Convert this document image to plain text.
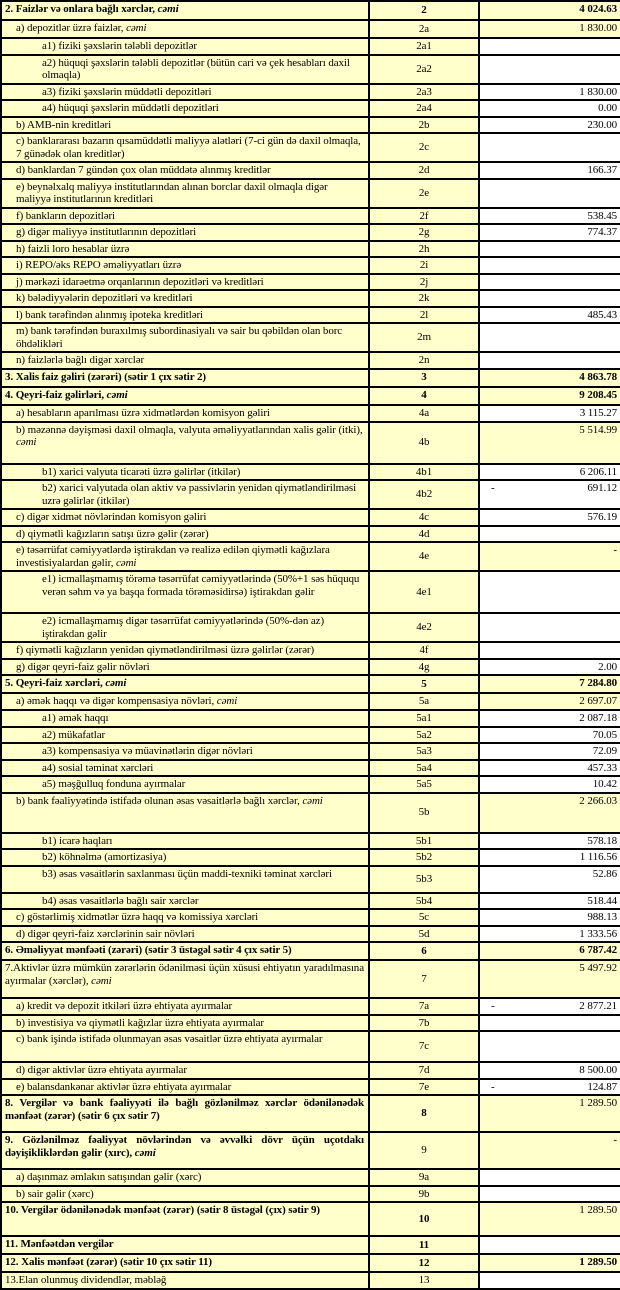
2. Faizlər və onlara bağlı xərclər, cəmi	2	4 024.63

a) depozitlər üzrə faizlər, cəmi	2a	1 830.00

a1) fiziki şəxslərin tələbli depozitlər	2a1	

a2) hüquqi şəxslərin tələbli depozitlər (bütün cari və çek hesabları daxil olmaqla)	2a2	

a3) fiziki şəxslərin müddətli depozitləri	2a3	1 830.00

a4) hüquqi şəxslərin müddətli depozitləri	2a4	0.00

b) AMB-nin kreditləri	2b	230.00

c) banklararası bazarın qısamüddətli maliyyə alətləri (7-ci gün də daxil olmaqla, 7 günədək olan kreditlər)	2c	

d) banklardan 7 gündən çox olan müddətə alınmış kreditlər	2d	166.37

e) beynəlxalq maliyyə institutlarından alınan borclar daxil olmaqla digər maliyyə institutlarının kreditləri	2e	

f) bankların depozitləri	2f	538.45

g) digər maliyyə institutlarının depozitləri	2g	774.37

h) faizli loro hesablar üzrə	2h	

i) REPO/əks REPO əməliyyatları üzrə	2i	

j) mərkəzi idarəetmə orqanlarının depozitləri və kreditləri	2j	

k) bələdiyyələrin depozitləri və kreditləri	2k	

l) bank tərəfindən alınmış ipoteka kreditləri	2l	485.43

m) bank tərəfindən buraxılmış subordinasiyalı və sair bu qəbildən olan borc öhdəlikləri	2m	

n) faizlərlə bağlı digər xərclər	2n	

3. Xalis faiz gəliri (zərəri) (sətir 1 çıx sətir 2)	3	4 863.78

4. Qeyri-faiz gəlirləri, cəmi	4	9 208.45

a) hesabların aparılması üzrə xidmətlərdən komisyon gəliri	4a	3 115.27

b) məzənnə dəyişməsi daxil olmaqla, valyuta əməliyyatlarından xalis gəlir (itki), cəmi	4b	5 514.99

b1) xarici valyuta ticarəti üzrə gəlirlər (itkilər)	4b1	6 206.11

b2) xarici valyutada olan aktiv və passivlərin yenidən qiymətləndirilməsi uzrə gəlirlər (itkilər)	4b2	- 691.12

c) digər xidmət növlərindən komisyon gəliri	4c	576.19

d) qiymətli kağızların satışı üzrə gəlir (zərər)	4d	

e) təsərrüfat cəmiyyətlərdə iştirakdan və realizə edilən qiymətli kağızlara investisiyalardan gəlir, cəmi	4e	-

e1) icmallaşmamış törəmə təsərrüfat cəmiyyətlərində (50%+1 səs hüququ verən səhm və ya başqa formada törəməsidirsə) iştirakdan gəlir	4e1	

e2) icmallaşmamış digər təsərrüfat cəmiyyətlərində (50%-dən az) iştirakdan gəlir	4e2	

f) qiymətli kağızların yenidən qiymətləndirilməsi üzrə gəlirlər (zərər)	4f	

g) digər qeyri-faiz gəlir növləri	4g	2.00

5. Qeyri-faiz xərcləri, cəmi	5	7 284.80

a) əmək haqqı və digər kompensasiya növləri, cəmi	5a	2 697.07

a1) əmək haqqı	5a1	2 087.18

a2) mükafatlar	5a2	70.05

a3) kompensasiya və müavinətlərin digər növləri	5a3	72.09

a4) sosial təminat xərcləri	5a4	457.33

a5) məşğulluq fonduna ayırmalar	5a5	10.42

b) bank fəaliyyətində istifadə olunan əsas vəsaitlərlə bağlı xərclər, cəmi	5b	2 266.03

b1) icarə haqları	5b1	578.18

b2) köhnəlmə (amortizasiya)	5b2	1 116.56

b3) əsas vəsaitlərin saxlanması üçün maddi-texniki təminat xərcləri	5b3	52.86

b4) əsas vəsaitlərlə bağlı sair xərclər	5b4	518.44

c) göstərlimiş xidmətlər üzrə haqq və komissiya xərcləri	5c	988.13

d) digər qeyri-faiz xərclərinin sair növləri	5d	1 333.56

6. Əməliyyat mənfəəti (zərəri) (sətir 3 üstəgəl sətir 4 çıx sətir 5)	6	6 787.42

7.Aktivlər üzrə mümkün zərərlərin ödənilməsi üçün xüsusi ehtiyatın yaradılmasına ayırmalar (xərclər), cəmi	7	5 497.92

a) kredit və depozit itkiləri üzrə ehtiyata ayırmalar	7a	- 2 877.21

b) investisiya və qiymətli kağızlar üzrə ehtiyata ayırmalar	7b	

c) bank işində istifadə olunmayan əsas vəsaitlər üzrə ehtiyata ayırmalar	7c	

d) digər aktivlər üzrə ehtiyata ayırmalar	7d	8 500.00

e) balansdankənar aktivlər üzrə ehtiyata ayırmalar	7e	- 124.87

8. Vergilər və bank fəaliyyəti ilə bağlı gözlənilməz xərclər ödənilənədək mənfəət (zərər) (sətir 6 çıx sətir 7)	8	1 289.50

9. Gözlənilməz fəaliyyət növlərindən və əvvəlki dövr üçün uçotdakı dəyişikliklərdən gəlir (xırc), cəmi	9	-

a) daşınmaz əmlakın satışından gəlir (xərc)	9a	

b) sair gəlir (xərc)	9b	

10. Vergilər ödənilənədək mənfəət (zərər) (sətir 8 üstəgəl (çıx) sətir 9)	10	1 289.50

11. Mənfəətdən vergilər	11	

12. Xalis mənfəət (zərər) (sətir 10 çıx sətir 11)	12	1 289.50

13.Elan olunmuş dividendlər, məbləğ	13	
